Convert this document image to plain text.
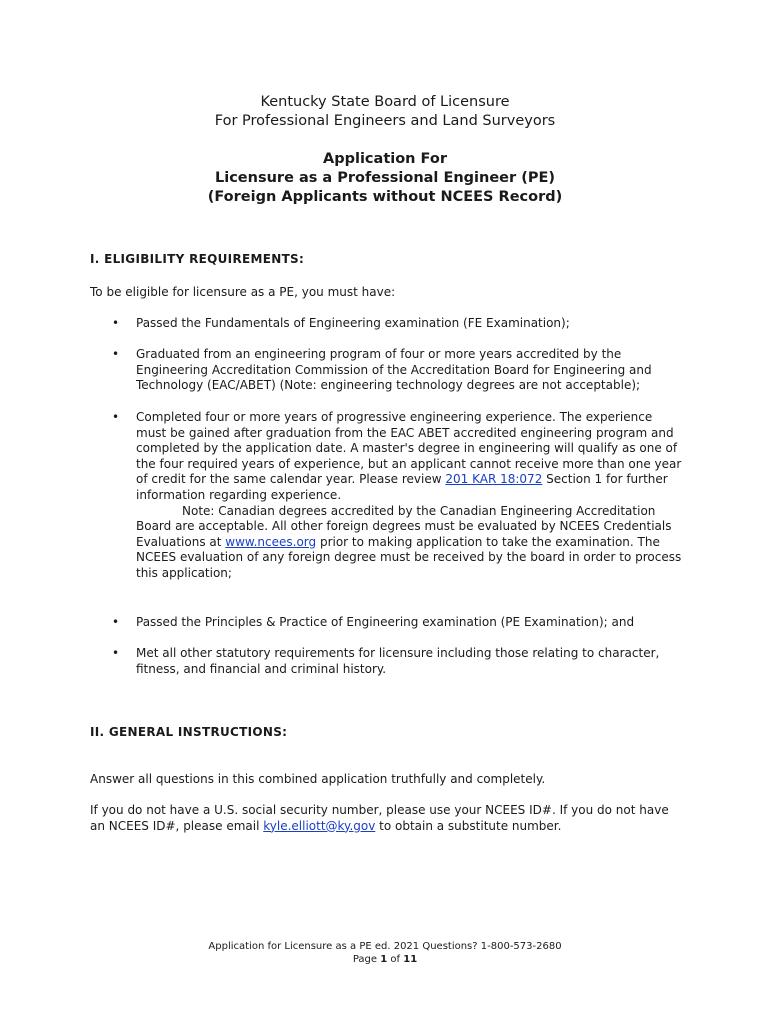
Kentucky State Board of Licensure
For Professional Engineers and Land Surveyors
Application For
Licensure as a Professional Engineer (PE)
(Foreign Applicants without NCEES Record)
I. ELIGIBILITY REQUIREMENTS:
To be eligible for licensure as a PE, you must have:
• Passed the Fundamentals of Engineering examination (FE Examination);
• Graduated from an engineering program of four or more years accredited by the Engineering Accreditation Commission of the Accreditation Board for Engineering and Technology (EAC/ABET) (Note: engineering technology degrees are not acceptable);
• Completed four or more years of progressive engineering experience. The experience must be gained after graduation from the EAC ABET accredited engineering program and completed by the application date. A master's degree in engineering will qualify as one of the four required years of experience, but an applicant cannot receive more than one year of credit for the same calendar year. Please review 201 KAR 18:072 Section 1 for further information regarding experience.
Note: Canadian degrees accredited by the Canadian Engineering Accreditation Board are acceptable. All other foreign degrees must be evaluated by NCEES Credentials Evaluations at www.ncees.org prior to making application to take the examination. The NCEES evaluation of any foreign degree must be received by the board in order to process this application;
• Passed the Principles & Practice of Engineering examination (PE Examination); and
• Met all other statutory requirements for licensure including those relating to character, fitness, and financial and criminal history.
II. GENERAL INSTRUCTIONS:
Answer all questions in this combined application truthfully and completely.
If you do not have a U.S. social security number, please use your NCEES ID#. If you do not have an NCEES ID#, please email kyle.elliott@ky.gov to obtain a substitute number.
Application for Licensure as a PE ed. 2021 Questions? 1-800-573-2680
Page 1 of 11
